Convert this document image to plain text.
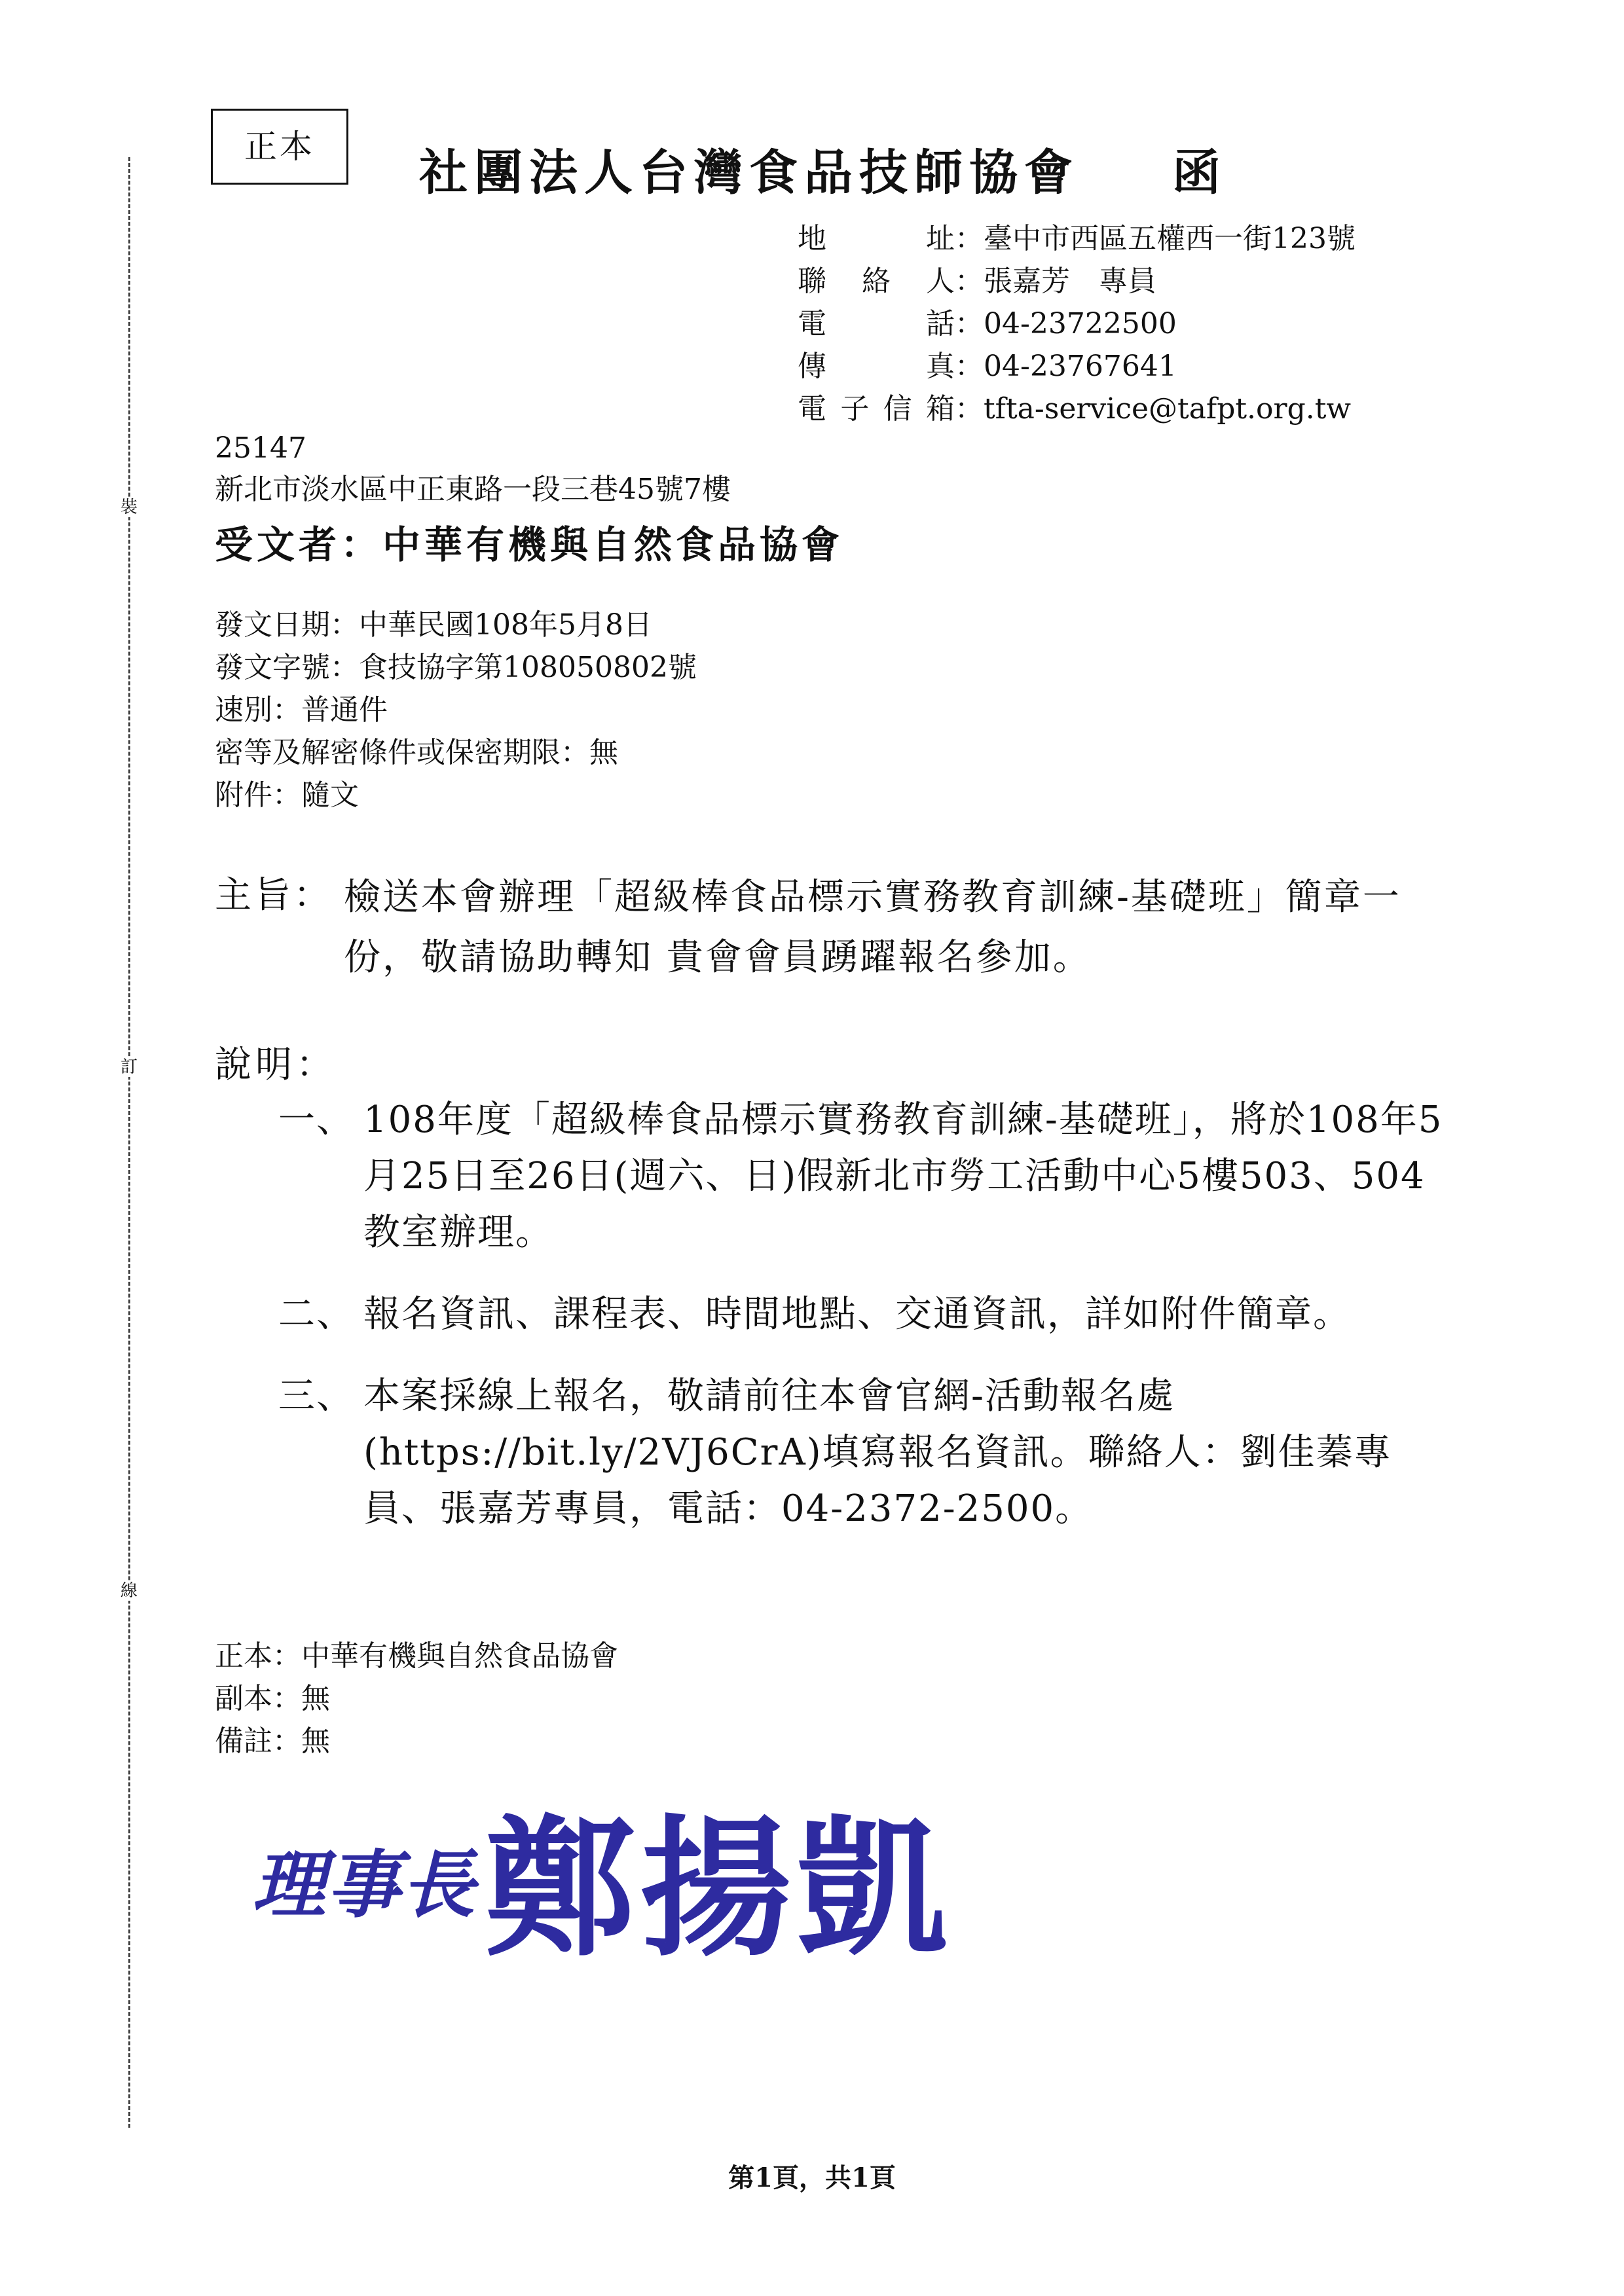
裝
訂
線
正本	社團法人台灣食品技師協會 函
地　　址：臺中市西區五權西一街123號
聯絡人：張嘉芳　專員
電　　話：04-23722500
傳　　真：04-23767641
電子信箱：tfta-service@tafpt.org.tw
25147
新北市淡水區中正東路一段三巷45號7樓
受文者：中華有機與自然食品協會
發文日期：中華民國108年5月8日
發文字號：食技協字第108050802號
速別：普通件
密等及解密條件或保密期限：無
附件：隨文
主旨： 檢送本會辦理「超級棒食品標示實務教育訓練-基礎班」簡章一份，敬請協助轉知 貴會會員踴躍報名參加。
說明：
一、 108年度「超級棒食品標示實務教育訓練-基礎班」，將於108年5月25日至26日(週六、日)假新北市勞工活動中心5樓503、504教室辦理。
二、 報名資訊、課程表、時間地點、交通資訊，詳如附件簡章。
三、 本案採線上報名，敬請前往本會官網-活動報名處(https://bit.ly/2VJ6CrA)填寫報名資訊。聯絡人：劉佳蓁專員、張嘉芳專員，電話：04-2372-2500。
正本：中華有機與自然食品協會
副本：無
備註：無
理事長 鄭揚凱
第1頁，共1頁
